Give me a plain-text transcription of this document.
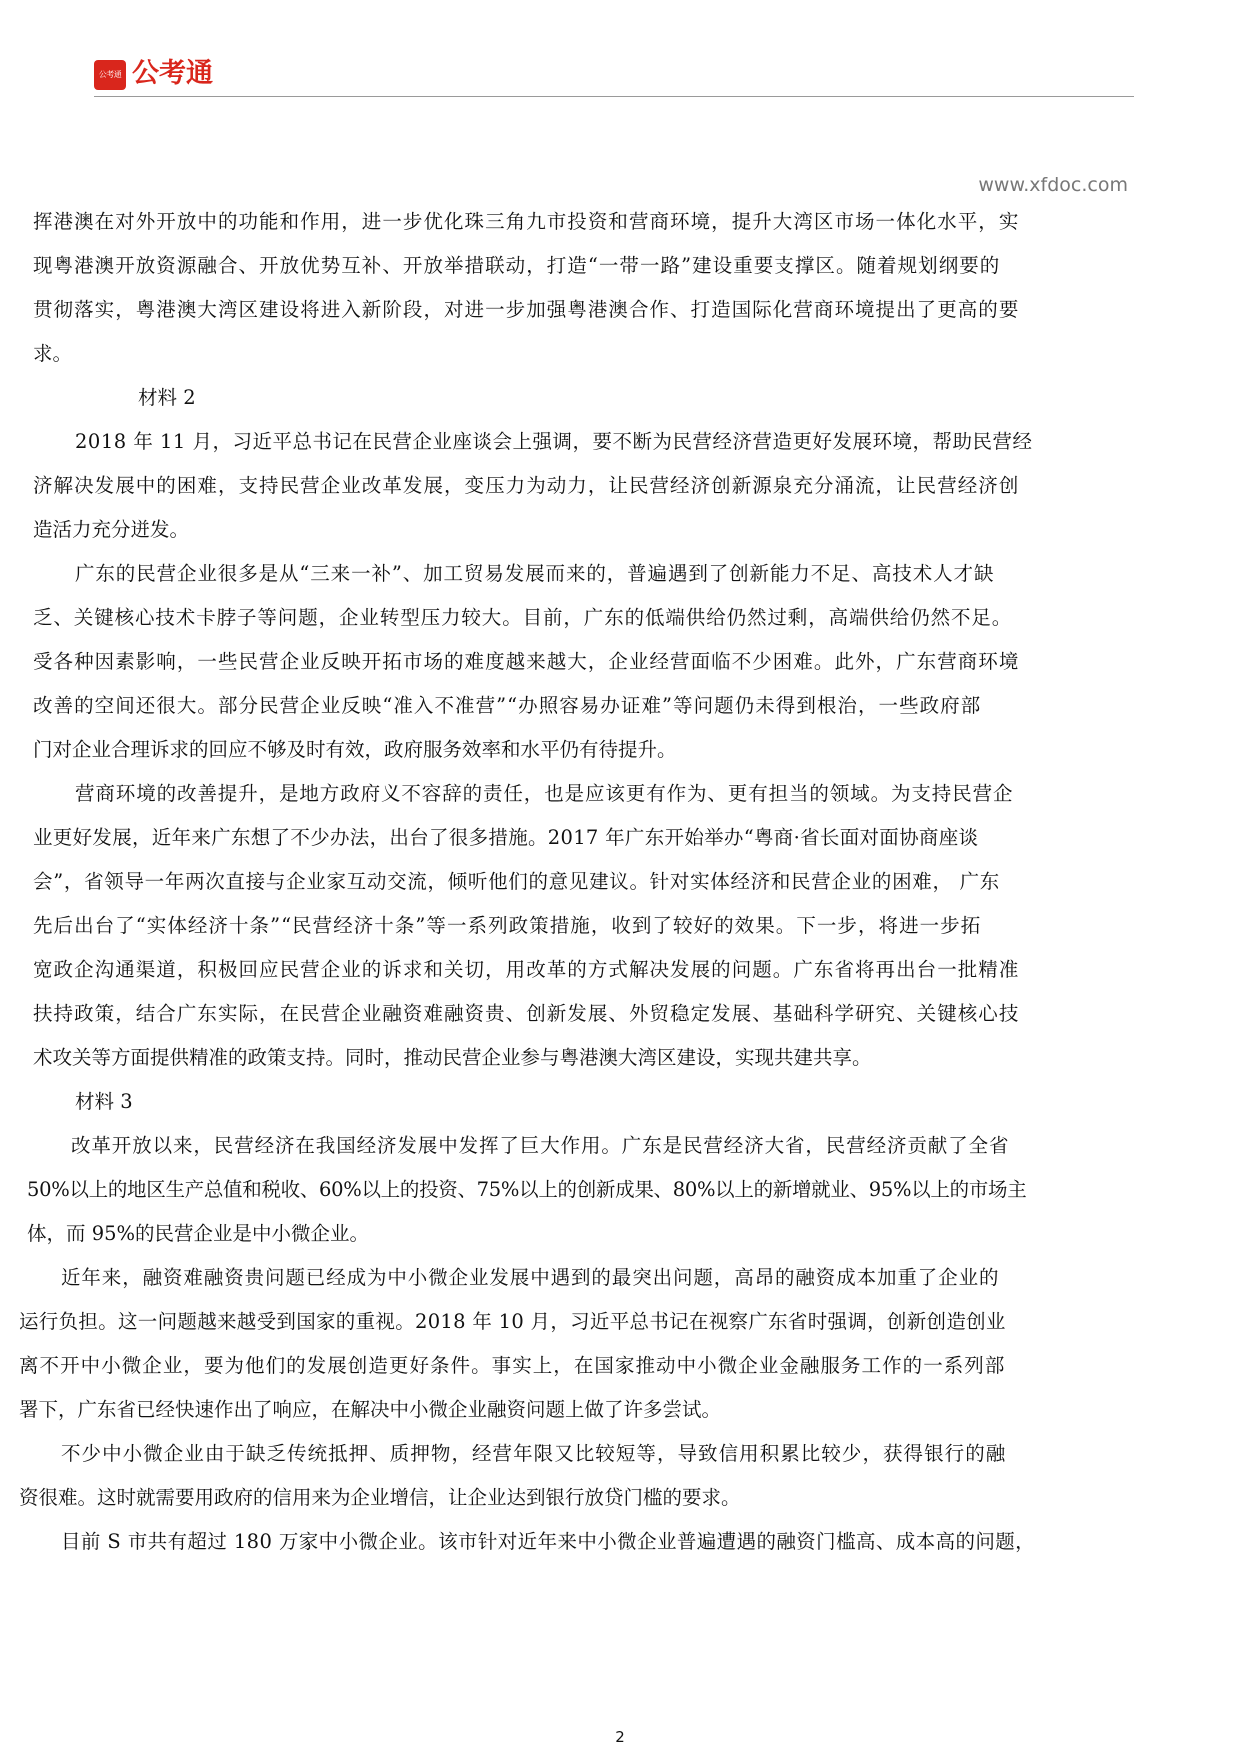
公考通 公考通
www.xfdoc.com
挥港澳在对外开放中的功能和作用，进一步优化珠三角九市投资和营商环境，提升大湾区市场一体化水平，实
现粤港澳开放资源融合、开放优势互补、开放举措联动，打造“一带一路”建设重要支撑区。随着规划纲要的
贯彻落实，粤港澳大湾区建设将进入新阶段，对进一步加强粤港澳合作、打造国际化营商环境提出了更高的要
求。
材料 2
2018 年 11 月，习近平总书记在民营企业座谈会上强调，要不断为民营经济营造更好发展环境，帮助民营经
济解决发展中的困难，支持民营企业改革发展，变压力为动力，让民营经济创新源泉充分涌流，让民营经济创
造活力充分迸发。
广东的民营企业很多是从“三来一补”、加工贸易发展而来的，普遍遇到了创新能力不足、高技术人才缺
乏、关键核心技术卡脖子等问题，企业转型压力较大。目前，广东的低端供给仍然过剩，高端供给仍然不足。
受各种因素影响，一些民营企业反映开拓市场的难度越来越大，企业经营面临不少困难。此外，广东营商环境
改善的空间还很大。部分民营企业反映“准入不准营”“办照容易办证难”等问题仍未得到根治，一些政府部
门对企业合理诉求的回应不够及时有效，政府服务效率和水平仍有待提升。
营商环境的改善提升，是地方政府义不容辞的责任，也是应该更有作为、更有担当的领域。为支持民营企
业更好发展，近年来广东想了不少办法，出台了很多措施。2017 年广东开始举办“粤商·省长面对面协商座谈
会”，省领导一年两次直接与企业家互动交流，倾听他们的意见建议。针对实体经济和民营企业的困难， 广东
先后出台了“实体经济十条”“民营经济十条”等一系列政策措施，收到了较好的效果。下一步，将进一步拓
宽政企沟通渠道，积极回应民营企业的诉求和关切，用改革的方式解决发展的问题。广东省将再出台一批精准
扶持政策，结合广东实际，在民营企业融资难融资贵、创新发展、外贸稳定发展、基础科学研究、关键核心技
术攻关等方面提供精准的政策支持。同时，推动民营企业参与粤港澳大湾区建设，实现共建共享。
材料 3
改革开放以来，民营经济在我国经济发展中发挥了巨大作用。广东是民营经济大省，民营经济贡献了全省
50%以上的地区生产总值和税收、60%以上的投资、75%以上的创新成果、80%以上的新增就业、95%以上的市场主
体，而 95%的民营企业是中小微企业。
近年来，融资难融资贵问题已经成为中小微企业发展中遇到的最突出问题，高昂的融资成本加重了企业的
运行负担。这一问题越来越受到国家的重视。2018 年 10 月，习近平总书记在视察广东省时强调，创新创造创业
离不开中小微企业，要为他们的发展创造更好条件。事实上，在国家推动中小微企业金融服务工作的一系列部
署下，广东省已经快速作出了响应，在解决中小微企业融资问题上做了许多尝试。
不少中小微企业由于缺乏传统抵押、质押物，经营年限又比较短等，导致信用积累比较少，获得银行的融
资很难。这时就需要用政府的信用来为企业增信，让企业达到银行放贷门槛的要求。
目前 S 市共有超过 180 万家中小微企业。该市针对近年来中小微企业普遍遭遇的融资门槛高、成本高的问题，
2
